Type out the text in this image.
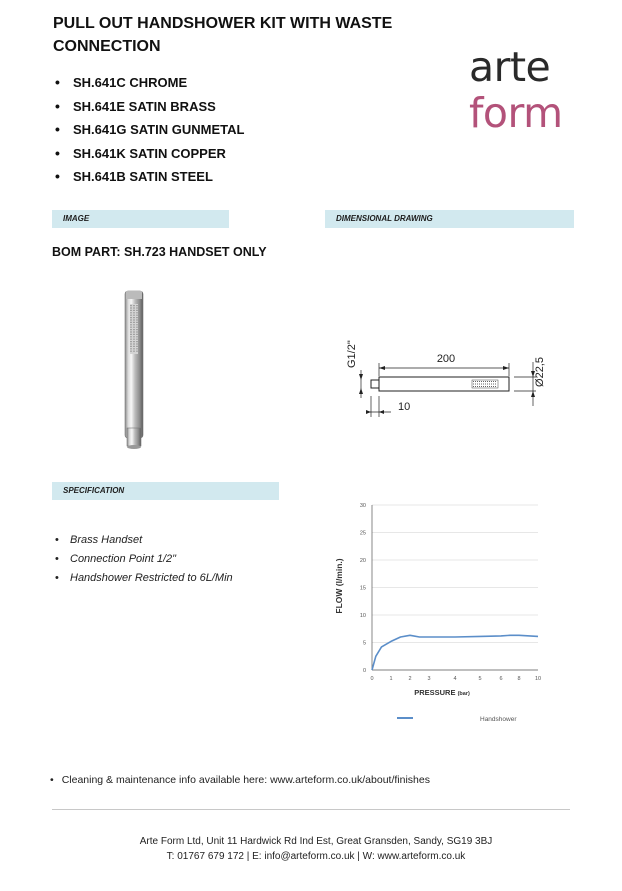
PULL OUT HANDSHOWER KIT WITH WASTE
CONNECTION	arte
form
• SH.641C CHROME
• SH.641E SATIN BRASS
• SH.641G SATIN GUNMETAL
• SH.641K SATIN COPPER
• SH.641B SATIN STEEL
IMAGE	DIMENSIONAL DRAWING
BOM PART: SH.723 HANDSET ONLY
200
G1/2"
Ø22,5
10
SPECIFICATION
• Brass Handset
• Connection Point 1/2"
• Handshower Restricted to 6L/Min	FLOW (l/min.)
30
25
20
15
10
5
0
0	1	2	3	4	5	6	8	10
PRESSURE (bar)
Handshower
• Cleaning & maintenance info available here: www.arteform.co.uk/about/finishes
Arte Form Ltd, Unit 11 Hardwick Rd Ind Est, Great Gransden, Sandy, SG19 3BJ
T: 01767 679 172 | E: info@arteform.co.uk | W: www.arteform.co.uk
